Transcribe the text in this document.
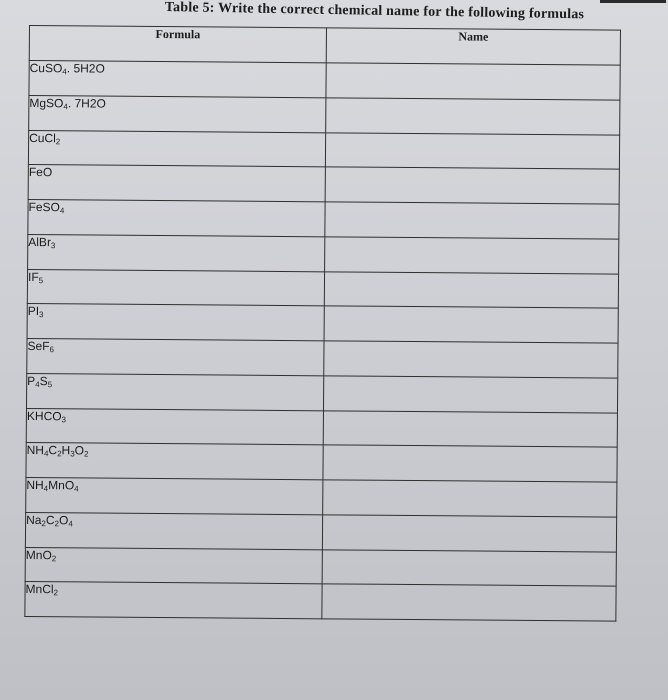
Table 5: Write the correct chemical name for the following formulas
Formula	Name
CuSO$_4$. 5H2O	
MgSO$_4$. 7H2O	
CuCl$_2$	
FeO	
FeSO$_4$	
AlBr$_3$	
$IF_5$	
$PI_3$	
SeF$_6$	
$P_4S_5$	
$KHCO_3$	
$NH_4C_2H_3O_2$	
$NH_4MnO_4$	
$Na_2C_2O_4$	
MnO$_2$	
MnCl$_2$	
